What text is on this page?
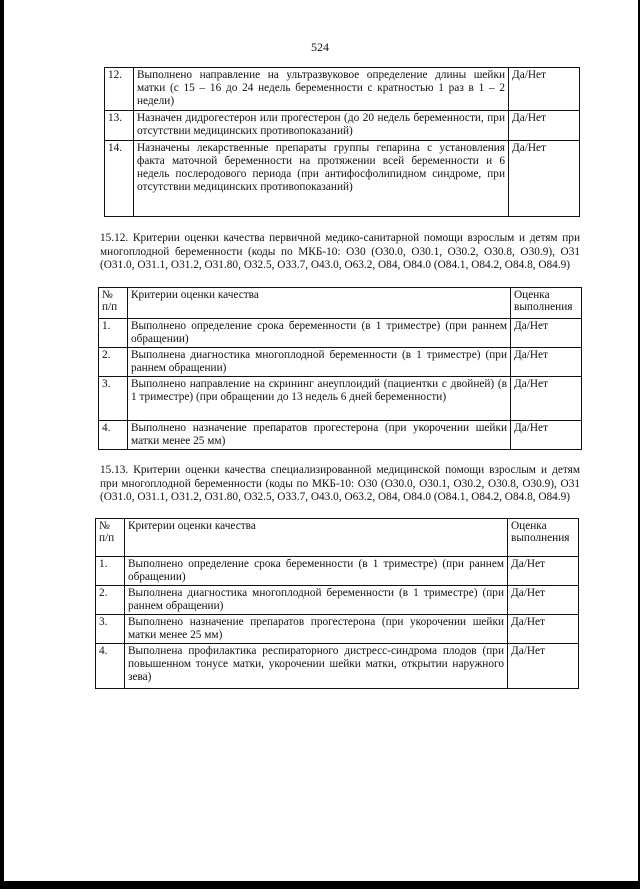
524
12.	Выполнено направление на ультразвуковое определение длины шейки матки (с 15 – 16 до 24 недель беременности с кратностью 1 раз в 1 – 2 недели)	Да/Нет
13.	Назначен дидрогестерон или прогестерон (до 20 недель беременности, при отсутствии медицинских противопоказаний)	Да/Нет
14.	Назначены лекарственные препараты группы гепарина с установления факта маточной беременности на протяжении всей беременности и 6 недель послеродового периода (при антифосфолипидном синдроме, при отсутствии медицинских противопоказаний)	Да/Нет

15.12. Критерии оценки качества первичной медико-санитарной помощи взрослым и детям при многоплодной беременности (коды по МКБ-10: О30 (О30.0, О30.1, О30.2, О30.8, О30.9), О31 (О31.0, О31.1, О31.2, О31.80, О32.5, О33.7, О43.0, О63.2, О84, О84.0 (О84.1, О84.2, О84.8, О84.9)

№ п/п	Критерии оценки качества	Оценка выполнения
1.	Выполнено определение срока беременности (в 1 триместре) (при раннем обращении)	Да/Нет
2.	Выполнена диагностика многоплодной беременности (в 1 триместре) (при раннем обращении)	Да/Нет
3.	Выполнено направление на скрининг анеуплоидий (пациентки с двойней) (в 1 триместре) (при обращении до 13 недель 6 дней беременности)	Да/Нет
4.	Выполнено назначение препаратов прогестерона (при укорочении шейки матки менее 25 мм)	Да/Нет

15.13. Критерии оценки качества специализированной медицинской помощи взрослым и детям при многоплодной беременности (коды по МКБ-10: О30 (О30.0, О30.1, О30.2, О30.8, О30.9), О31 (О31.0, О31.1, О31.2, О31.80, О32.5, О33.7, О43.0, О63.2, О84, О84.0 (О84.1, О84.2, О84.8, О84.9)

№ п/п	Критерии оценки качества	Оценка выполнения
1.	Выполнено определение срока беременности (в 1 триместре) (при раннем обращении)	Да/Нет
2.	Выполнена диагностика многоплодной беременности (в 1 триместре) (при раннем обращении)	Да/Нет
3.	Выполнено назначение препаратов прогестерона (при укорочении шейки матки менее 25 мм)	Да/Нет
4.	Выполнена профилактика респираторного дистресс-синдрома плодов (при повышенном тонусе матки, укорочении шейки матки, открытии наружного зева)	Да/Нет
